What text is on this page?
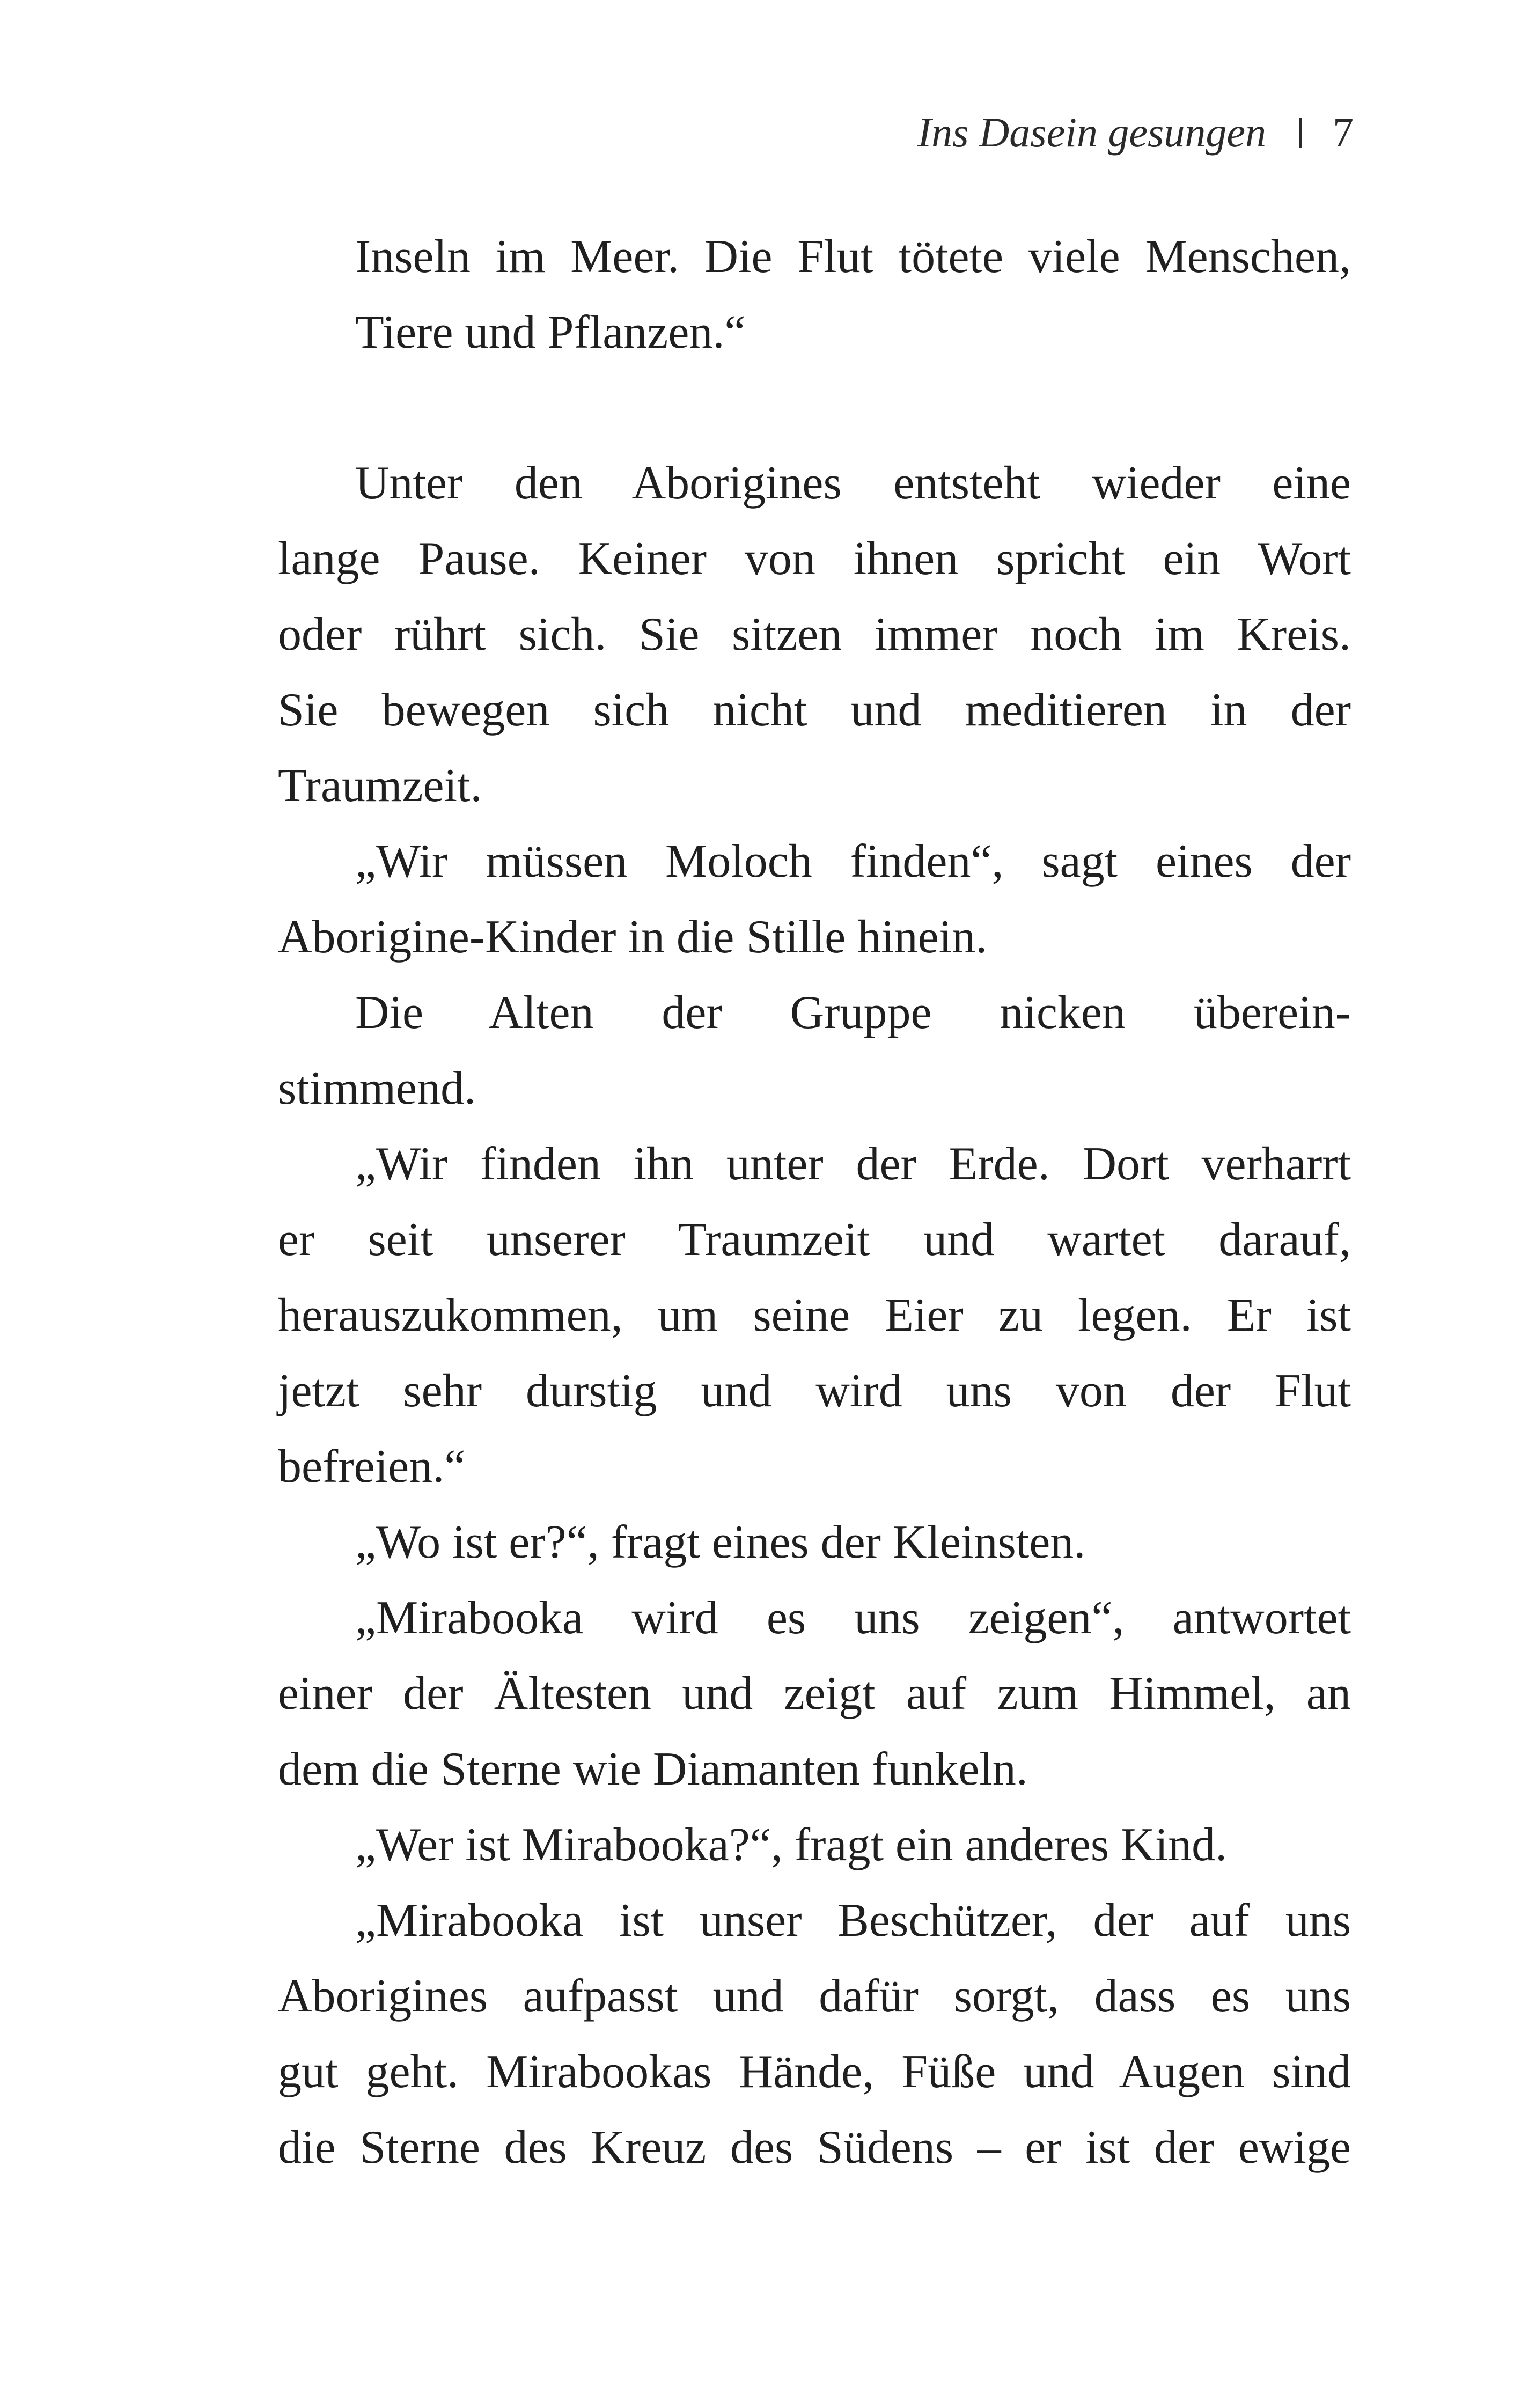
Ins Dasein gesungen 7
Inseln im Meer. Die Flut tötete viele Menschen,
Tiere und Pflanzen.“
Unter den Aborigines entsteht wieder eine
lange Pause. Keiner von ihnen spricht ein Wort
oder rührt sich. Sie sitzen immer noch im Kreis.
Sie bewegen sich nicht und meditieren in der
Traumzeit.
„Wir müssen Moloch finden“, sagt eines der
Aborigine-Kinder in die Stille hinein.
Die Alten der Gruppe nicken überein-
stimmend.
„Wir finden ihn unter der Erde. Dort verharrt
er seit unserer Traumzeit und wartet darauf,
herauszukommen, um seine Eier zu legen. Er ist
jetzt sehr durstig und wird uns von der Flut
befreien.“
„Wo ist er?“, fragt eines der Kleinsten.
„Mirabooka wird es uns zeigen“, antwortet
einer der Ältesten und zeigt auf zum Himmel, an
dem die Sterne wie Diamanten funkeln.
„Wer ist Mirabooka?“, fragt ein anderes Kind.
„Mirabooka ist unser Beschützer, der auf uns
Aborigines aufpasst und dafür sorgt, dass es uns
gut geht. Mirabookas Hände, Füße und Augen sind
die Sterne des Kreuz des Südens – er ist der ewige
